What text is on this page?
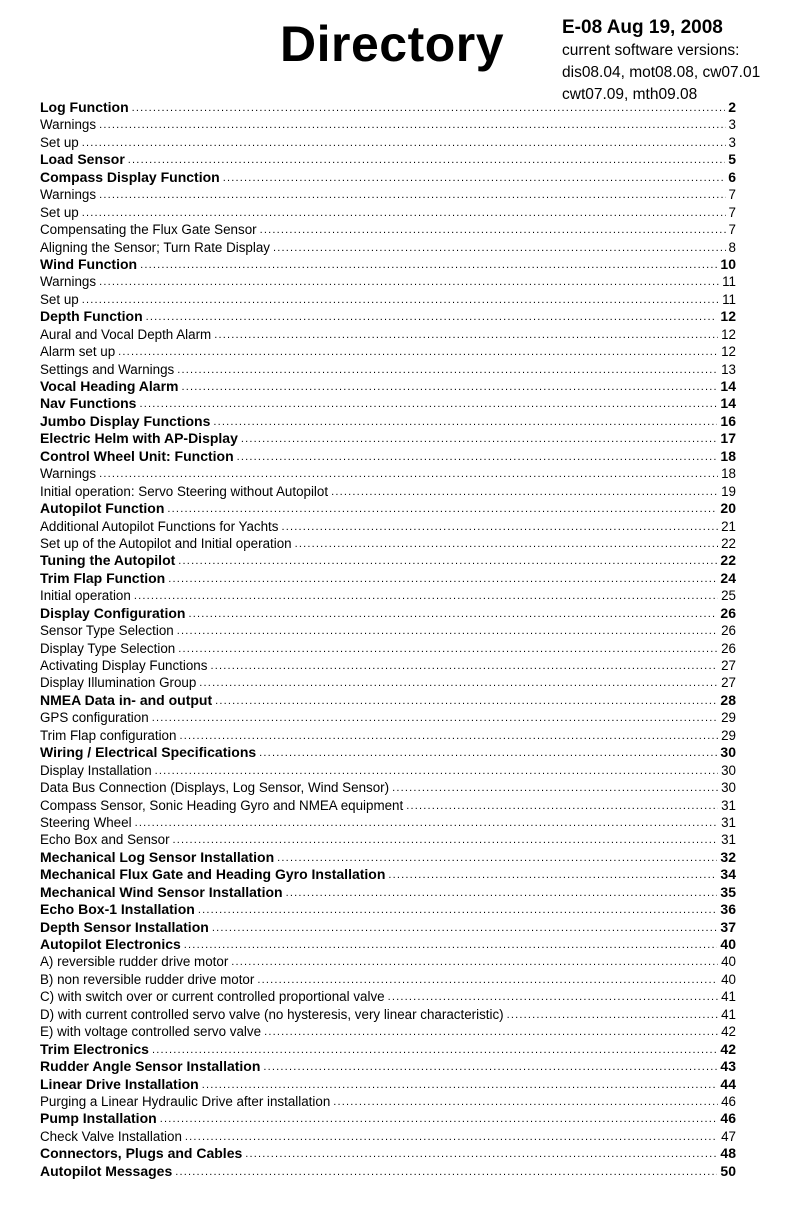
Directory	E-08 Aug 19, 2008
current software versions:
dis08.04, mot08.08, cw07.01
cwt07.09, mth09.08
Log Function .....	2
Warnings .....	3
Set up .....	3
Load Sensor .....	5
Compass Display Function .....	6
Warnings .....	7
Set up .....	7
Compensating the Flux Gate Sensor .....	7
Aligning the Sensor; Turn Rate Display .....	8
Wind Function .....	10
Warnings .....	11
Set up .....	11
Depth Function .....	12
Aural and Vocal Depth Alarm .....	12
Alarm set up .....	12
Settings and Warnings .....	13
Vocal Heading Alarm .....	14
Nav Functions .....	14
Jumbo Display Functions .....	16
Electric Helm with AP-Display .....	17
Control Wheel Unit: Function .....	18
Warnings .....	18
Initial operation: Servo Steering without Autopilot .....	19
Autopilot Function .....	20
Additional Autopilot Functions for Yachts .....	21
Set up of the Autopilot and Initial operation .....	22
Tuning the Autopilot .....	22
Trim Flap Function .....	24
Initial operation .....	25
Display Configuration .....	26
Sensor Type Selection .....	26
Display Type Selection .....	26
Activating Display Functions .....	27
Display Illumination Group .....	27
NMEA Data in- and output .....	28
GPS configuration .....	29
Trim Flap configuration .....	29
Wiring / Electrical Specifications .....	30
Display Installation .....	30
Data Bus Connection (Displays, Log Sensor, Wind Sensor) .....	30
Compass Sensor, Sonic Heading Gyro and NMEA equipment .....	31
Steering Wheel .....	31
Echo Box and Sensor .....	31
Mechanical Log Sensor Installation .....	32
Mechanical Flux Gate and Heading Gyro Installation .....	34
Mechanical Wind Sensor Installation .....	35
Echo Box-1 Installation .....	36
Depth Sensor Installation .....	37
Autopilot Electronics .....	40
A) reversible rudder drive motor .....	40
B) non reversible rudder drive motor .....	40
C) with switch over or current controlled proportional valve .....	41
D) with current controlled servo valve (no hysteresis, very linear characteristic) .....	41
E) with voltage controlled servo valve .....	42
Trim Electronics .....	42
Rudder Angle Sensor Installation .....	43
Linear Drive Installation .....	44
Purging a Linear Hydraulic Drive after installation .....	46
Pump Installation .....	46
Check Valve Installation .....	47
Connectors, Plugs and Cables .....	48
Autopilot Messages .....	50
